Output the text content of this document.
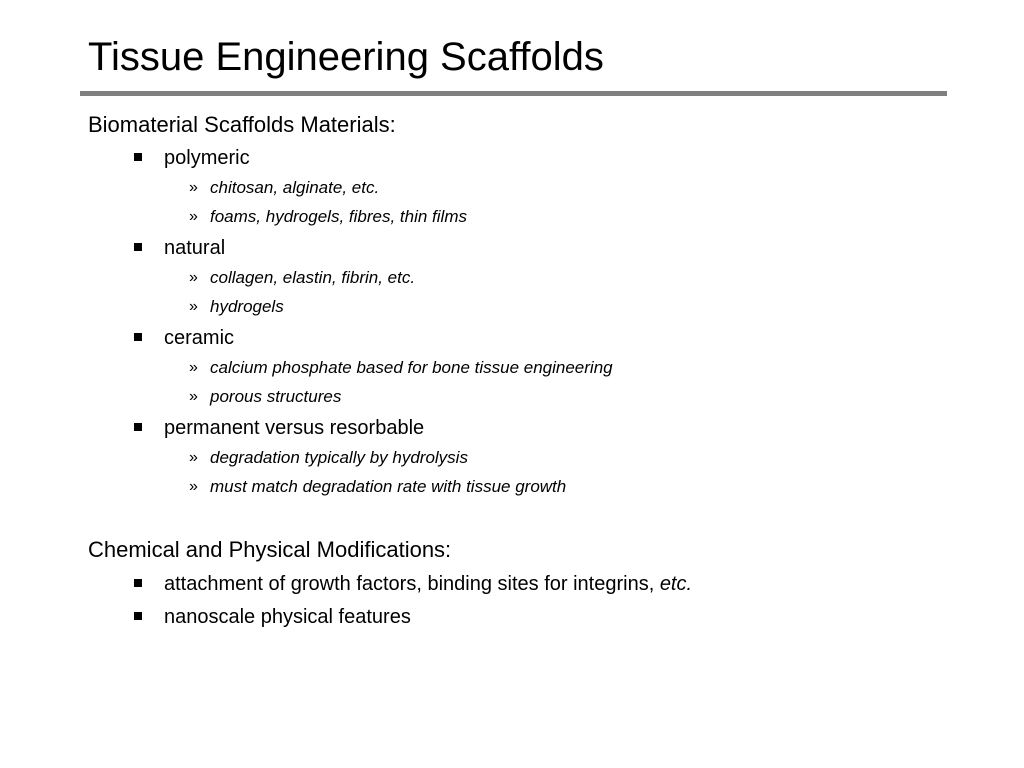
Tissue Engineering Scaffolds
Biomaterial Scaffolds Materials:
polymeric
» chitosan, alginate, etc.
» foams, hydrogels, fibres, thin films
natural
» collagen, elastin, fibrin, etc.
» hydrogels
ceramic
» calcium phosphate based for bone tissue engineering
» porous structures
permanent versus resorbable
» degradation typically by hydrolysis
» must match degradation rate with tissue growth
Chemical and Physical Modifications:
attachment of growth factors, binding sites for integrins, etc.
nanoscale physical features
